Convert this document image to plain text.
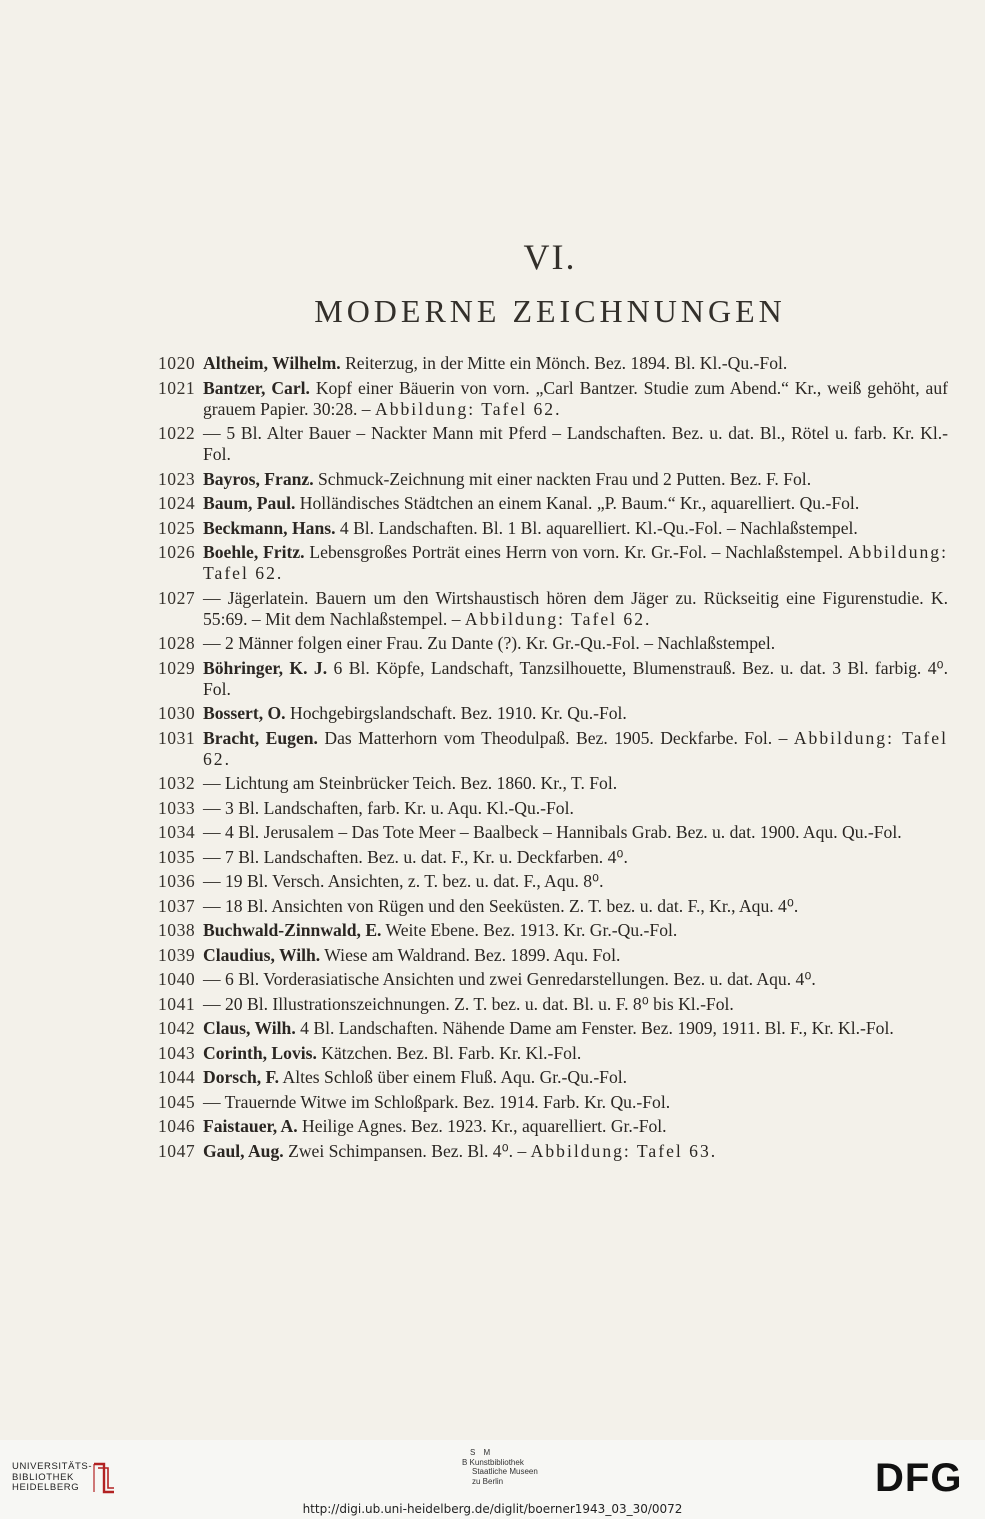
VI.
MODERNE ZEICHNUNGEN
1020 Altheim, Wilhelm. Reiterzug, in der Mitte ein Mönch. Bez. 1894. Bl. Kl.-Qu.-Fol.
1021 Bantzer, Carl. Kopf einer Bäuerin von vorn. „Carl Bantzer. Studie zum Abend.“ Kr., weiß gehöht, auf grauem Papier. 30:28. – Abbildung: Tafel 62.
1022 — 5 Bl. Alter Bauer – Nackter Mann mit Pferd – Landschaften. Bez. u. dat. Bl., Rötel u. farb. Kr. Kl.-Fol.
1023 Bayros, Franz. Schmuck-Zeichnung mit einer nackten Frau und 2 Putten. Bez. F. Fol.
1024 Baum, Paul. Holländisches Städtchen an einem Kanal. „P. Baum.“ Kr., aquarelliert. Qu.-Fol.
1025 Beckmann, Hans. 4 Bl. Landschaften. Bl. 1 Bl. aquarelliert. Kl.-Qu.-Fol. – Nachlaßstempel.
1026 Boehle, Fritz. Lebensgroßes Porträt eines Herrn von vorn. Kr. Gr.-Fol. – Nachlaßstempel. Abbildung: Tafel 62.
1027 — Jägerlatein. Bauern um den Wirtshaustisch hören dem Jäger zu. Rückseitig eine Figurenstudie. K. 55:69. – Mit dem Nachlaßstempel. – Abbildung: Tafel 62.
1028 — 2 Männer folgen einer Frau. Zu Dante (?). Kr. Gr.-Qu.-Fol. – Nachlaßstempel.
1029 Böhringer, K. J. 6 Bl. Köpfe, Landschaft, Tanzsilhouette, Blumenstrauß. Bez. u. dat. 3 Bl. farbig. 4⁰. Fol.
1030 Bossert, O. Hochgebirgslandschaft. Bez. 1910. Kr. Qu.-Fol.
1031 Bracht, Eugen. Das Matterhorn vom Theodulpaß. Bez. 1905. Deckfarbe. Fol. – Abbildung: Tafel 62.
1032 — Lichtung am Steinbrücker Teich. Bez. 1860. Kr., T. Fol.
1033 — 3 Bl. Landschaften, farb. Kr. u. Aqu. Kl.-Qu.-Fol.
1034 — 4 Bl. Jerusalem – Das Tote Meer – Baalbeck – Hannibals Grab. Bez. u. dat. 1900. Aqu. Qu.-Fol.
1035 — 7 Bl. Landschaften. Bez. u. dat. F., Kr. u. Deckfarben. 4⁰.
1036 — 19 Bl. Versch. Ansichten, z. T. bez. u. dat. F., Aqu. 8⁰.
1037 — 18 Bl. Ansichten von Rügen und den Seeküsten. Z. T. bez. u. dat. F., Kr., Aqu. 4⁰.
1038 Buchwald-Zinnwald, E. Weite Ebene. Bez. 1913. Kr. Gr.-Qu.-Fol.
1039 Claudius, Wilh. Wiese am Waldrand. Bez. 1899. Aqu. Fol.
1040 — 6 Bl. Vorderasiatische Ansichten und zwei Genredarstellungen. Bez. u. dat. Aqu. 4⁰.
1041 — 20 Bl. Illustrationszeichnungen. Z. T. bez. u. dat. Bl. u. F. 8⁰ bis Kl.-Fol.
1042 Claus, Wilh. 4 Bl. Landschaften. Nähende Dame am Fenster. Bez. 1909, 1911. Bl. F., Kr. Kl.-Fol.
1043 Corinth, Lovis. Kätzchen. Bez. Bl. Farb. Kr. Kl.-Fol.
1044 Dorsch, F. Altes Schloß über einem Fluß. Aqu. Gr.-Qu.-Fol.
1045 — Trauernde Witwe im Schloßpark. Bez. 1914. Farb. Kr. Qu.-Fol.
1046 Faistauer, A. Heilige Agnes. Bez. 1923. Kr., aquarelliert. Gr.-Fol.
1047 Gaul, Aug. Zwei Schimpansen. Bez. Bl. 4⁰. – Abbildung: Tafel 63.
UNIVERSITÄTS-
BIBLIOTHEK
HEIDELBERG
S M
B Kunstbibliothek
Staatliche Museen
zu Berlin	DFG
http://digi.ub.uni-heidelberg.de/diglit/boerner1943_03_30/0072
